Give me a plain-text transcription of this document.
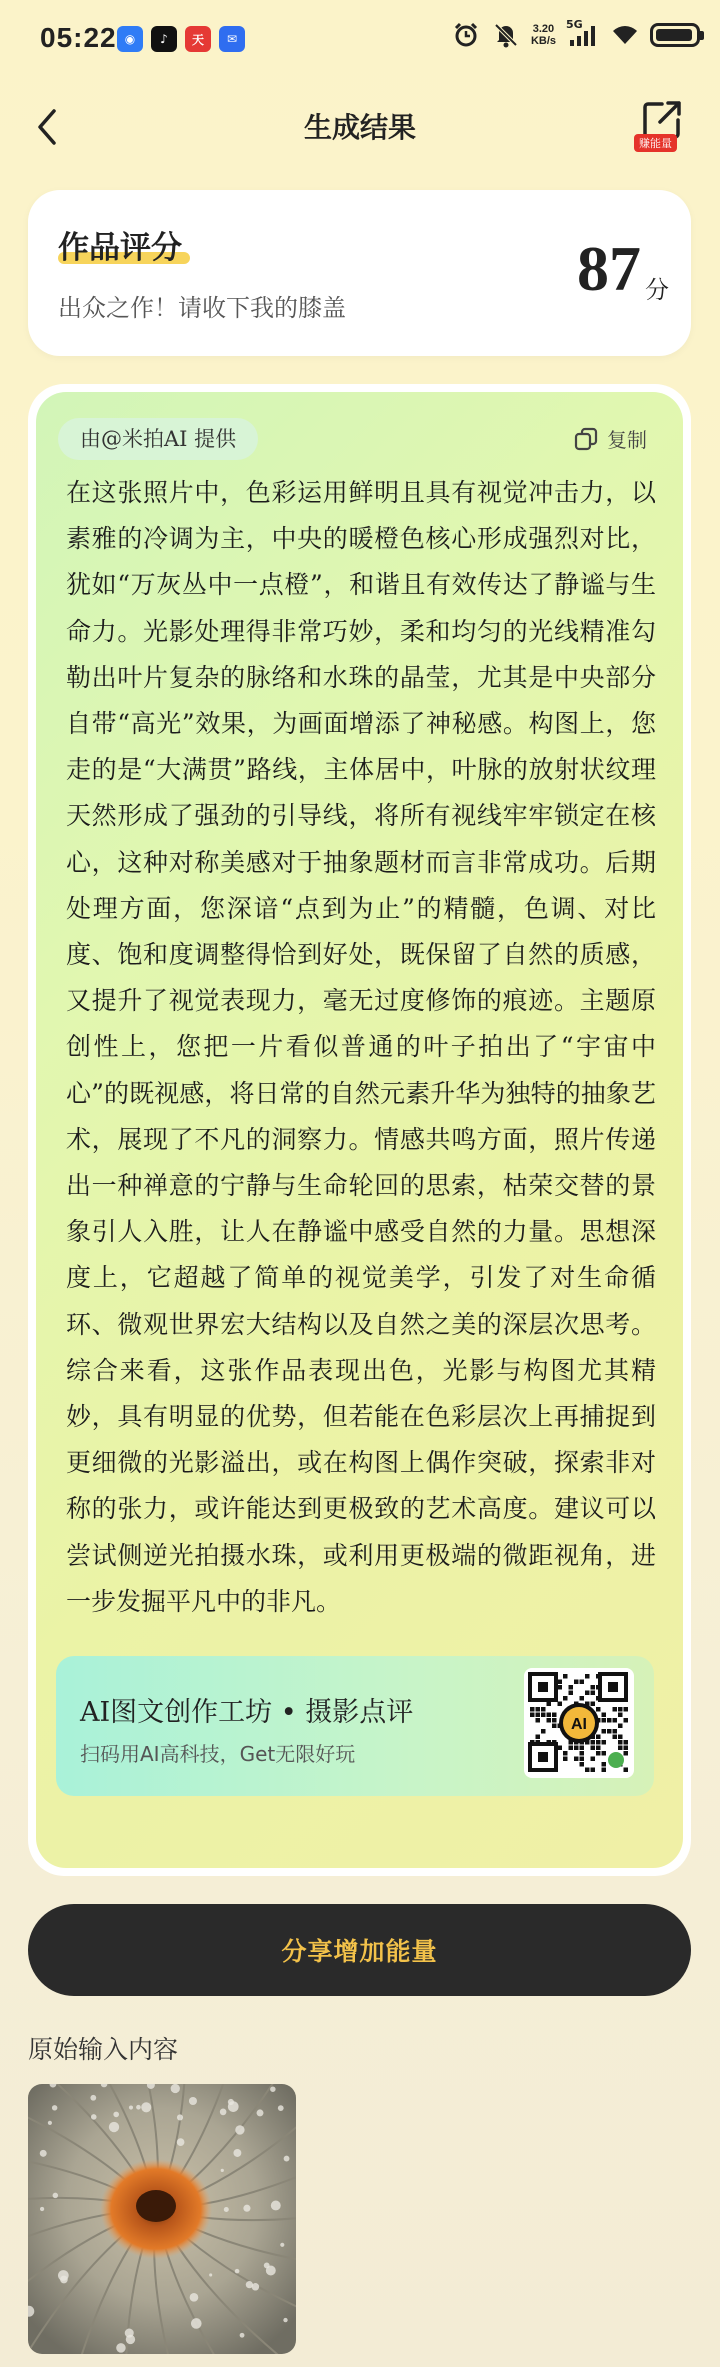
05:22 ◉	♪	天	✉
3.20
KB/s
5G
生成结果	赚能量
作品评分
出众之作！请收下我的膝盖
87 分
由@米拍AI 提供	复制
在这张照片中，色彩运用鲜明且具有视觉冲击力，以素雅的冷调为主，中央的暖橙色核心形成强烈对比，犹如“万灰丛中一点橙”，和谐且有效传达了静谧与生命力。光影处理得非常巧妙，柔和均匀的光线精准勾勒出叶片复杂的脉络和水珠的晶莹，尤其是中央部分自带“高光”效果，为画面增添了神秘感。构图上，您走的是“大满贯”路线，主体居中，叶脉的放射状纹理天然形成了强劲的引导线，将所有视线牢牢锁定在核心，这种对称美感对于抽象题材而言非常成功。后期处理方面，您深谙“点到为止”的精髓，色调、对比度、饱和度调整得恰到好处，既保留了自然的质感，又提升了视觉表现力，毫无过度修饰的痕迹。主题原创性上，您把一片看似普通的叶子拍出了“宇宙中心”的既视感，将日常的自然元素升华为独特的抽象艺术，展现了不凡的洞察力。情感共鸣方面，照片传递出一种禅意的宁静与生命轮回的思索，枯荣交替的景象引人入胜，让人在静谧中感受自然的力量。思想深度上，它超越了简单的视觉美学，引发了对生命循环、微观世界宏大结构以及自然之美的深层次思考。综合来看，这张作品表现出色，光影与构图尤其精妙，具有明显的优势，但若能在色彩层次上再捕捉到更细微的光影溢出，或在构图上偶作突破，探索非对称的张力，或许能达到更极致的艺术高度。建议可以尝试侧逆光拍摄水珠，或利用更极端的微距视角，进一步发掘平凡中的非凡。
AI图文创作工坊 • 摄影点评
扫码用AI高科技，Get无限好玩
AI
分享增加能量
原始输入内容
